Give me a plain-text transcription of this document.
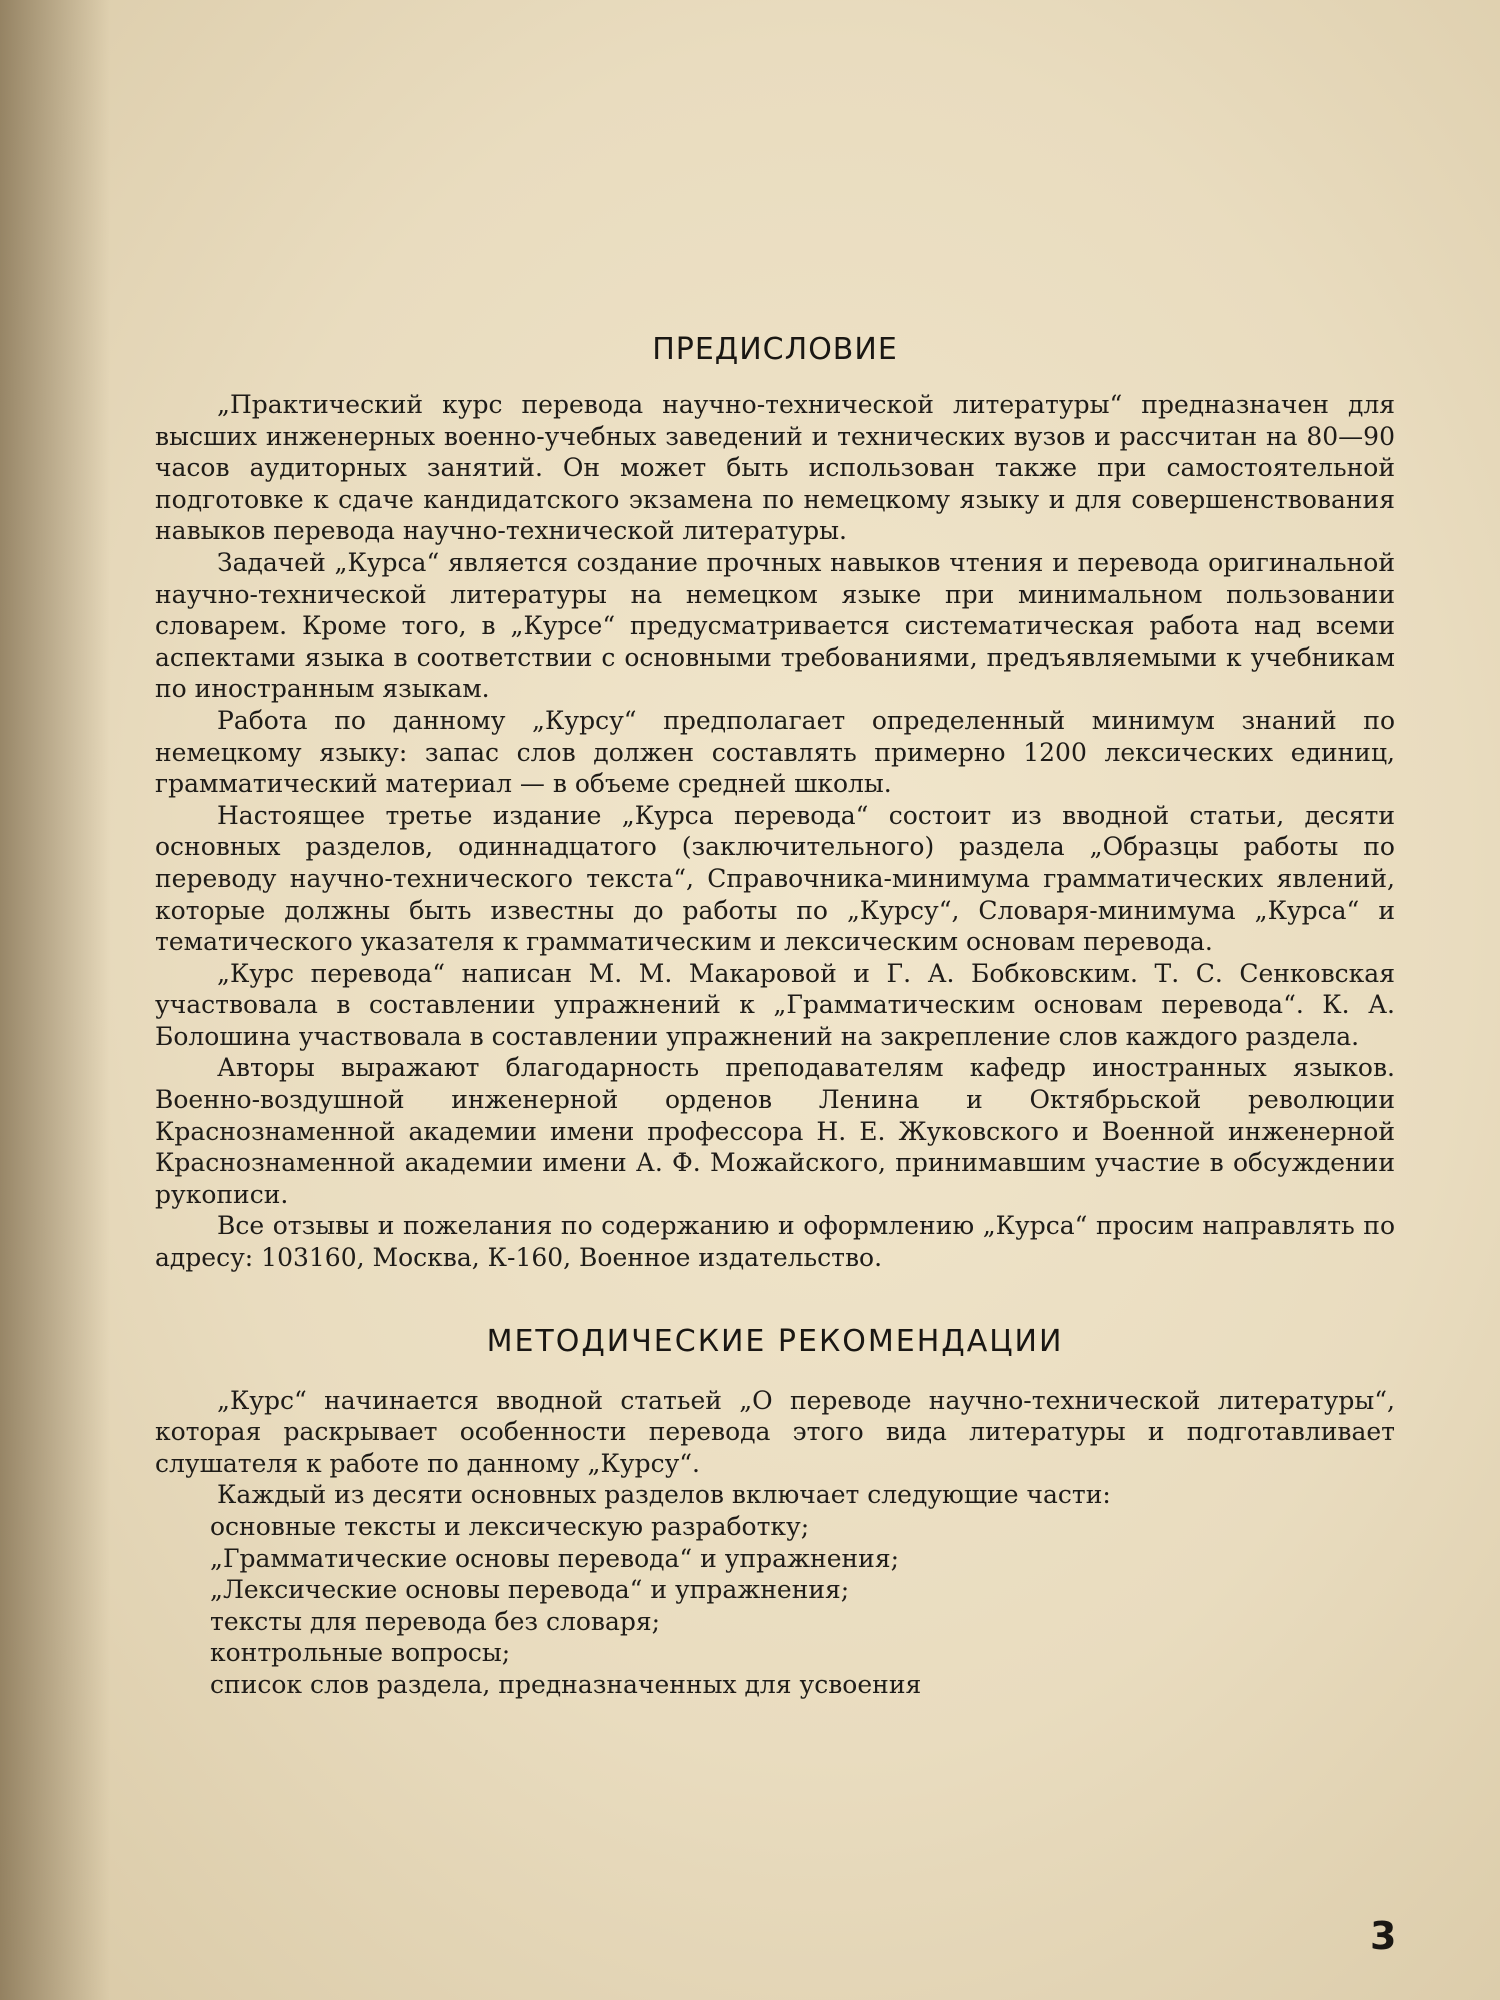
ПРЕДИСЛОВИЕ

„Практический курс перевода научно-технической литературы“ предназначен для высших инженерных военно-учебных заведений и технических вузов и рассчитан на 80—90 часов аудиторных занятий. Он может быть использован также при самостоятельной подготовке к сдаче кандидатского экзамена по немецкому языку и для совершенствования навыков перевода научно-технической литературы.

Задачей „Курса“ является создание прочных навыков чтения и перевода оригинальной научно-технической литературы на немецком языке при минимальном пользовании словарем. Кроме того, в „Курсе“ предусматривается систематическая работа над всеми аспектами языка в соответствии с основными требованиями, предъявляемыми к учебникам по иностранным языкам.

Работа по данному „Курсу“ предполагает определенный минимум знаний по немецкому языку: запас слов должен составлять примерно 1200 лексических единиц, грамматический материал — в объеме средней школы.

Настоящее третье издание „Курса перевода“ состоит из вводной статьи, десяти основных разделов, одиннадцатого (заключительного) раздела „Образцы работы по переводу научно-технического текста“, Справочника-минимума грамматических явлений, которые должны быть известны до работы по „Курсу“, Словаря-минимума „Курса“ и тематического указателя к грамматическим и лексическим основам перевода.

„Курс перевода“ написан М. М. Макаровой и Г. А. Бобковским. Т. С. Сенковская участвовала в составлении упражнений к „Грамматическим основам перевода“. К. А. Болошина участвовала в составлении упражнений на закрепление слов каждого раздела.

Авторы выражают благодарность преподавателям кафедр иностранных языков. Военно-воздушной инженерной орденов Ленина и Октябрьской революции Краснознаменной академии имени профессора Н. Е. Жуковского и Военной инженерной Краснознаменной академии имени А. Ф. Можайского, принимавшим участие в обсуждении рукописи.

Все отзывы и пожелания по содержанию и оформлению „Курса“ просим направлять по адресу: 103160, Москва, К-160, Военное издательство.

МЕТОДИЧЕСКИЕ РЕКОМЕНДАЦИИ

„Курс“ начинается вводной статьей „О переводе научно-технической литературы“, которая раскрывает особенности перевода этого вида литературы и подготавливает слушателя к работе по данному „Курсу“.

Каждый из десяти основных разделов включает следующие части:

основные тексты и лексическую разработку;
„Грамматические основы перевода“ и упражнения;
„Лексические основы перевода“ и упражнения;
тексты для перевода без словаря;
контрольные вопросы;
список слов раздела, предназначенных для усвоения
3
